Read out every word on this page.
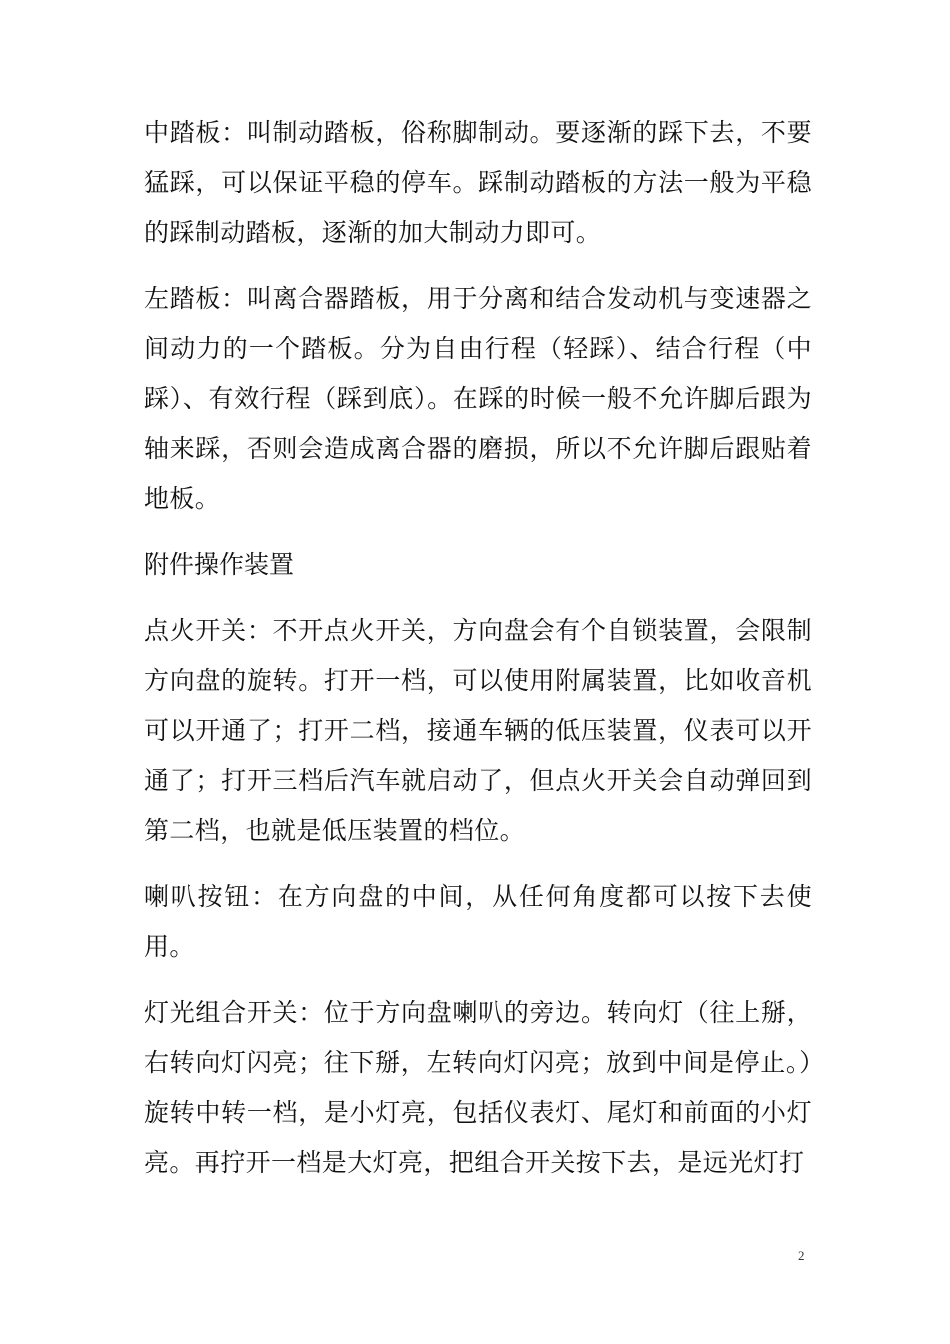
中踏板：叫制动踏板，俗称脚制动。要逐渐的踩下去，不要猛踩，可以保证平稳的停车。踩制动踏板的方法一般为平稳的踩制动踏板，逐渐的加大制动力即可。

左踏板：叫离合器踏板，用于分离和结合发动机与变速器之间动力的一个踏板。分为自由行程（轻踩）、结合行程（中踩）、有效行程（踩到底）。在踩的时候一般不允许脚后跟为轴来踩，否则会造成离合器的磨损，所以不允许脚后跟贴着地板。

附件操作装置

点火开关：不开点火开关，方向盘会有个自锁装置，会限制方向盘的旋转。打开一档，可以使用附属装置，比如收音机可以开通了；打开二档，接通车辆的低压装置，仪表可以开通了；打开三档后汽车就启动了，但点火开关会自动弹回到第二档，也就是低压装置的档位。

喇叭按钮：在方向盘的中间，从任何角度都可以按下去使用。

灯光组合开关：位于方向盘喇叭的旁边。转向灯（往上掰，右转向灯闪亮；往下掰，左转向灯闪亮；放到中间是停止。）旋转中转一档，是小灯亮，包括仪表灯、尾灯和前面的小灯亮。再拧开一档是大灯亮，把组合开关按下去，是远光灯打

2
